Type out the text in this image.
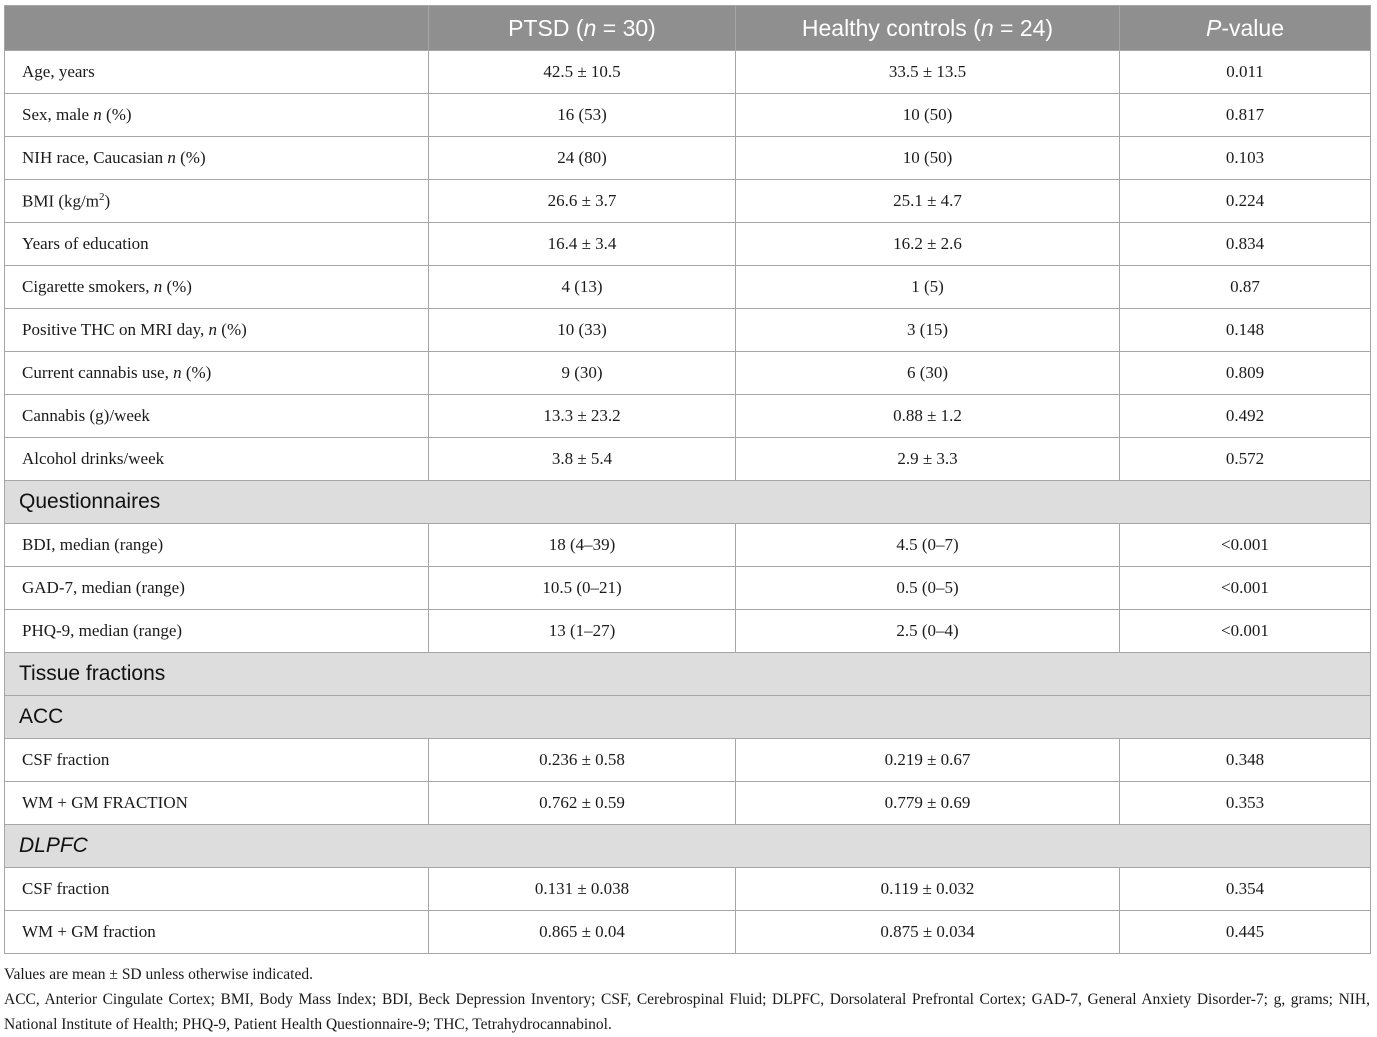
	PTSD (n = 30)	Healthy controls (n = 24)	P-value
Age, years	42.5 ± 10.5	33.5 ± 13.5	0.011
Sex, male n (%)	16 (53)	10 (50)	0.817
NIH race, Caucasian n (%)	24 (80)	10 (50)	0.103
BMI $(kg/m^2)$	26.6 ± 3.7	25.1 ± 4.7	0.224
Years of education	16.4 ± 3.4	16.2 ± 2.6	0.834
Cigarette smokers, n (%)	4 (13)	1 (5)	0.87
Positive THC on MRI day, n (%)	10 (33)	3 (15)	0.148
Current cannabis use, n (%)	9 (30)	6 (30)	0.809
Cannabis (g)/week	13.3 ± 23.2	0.88 ± 1.2	0.492
Alcohol drinks/week	3.8 ± 5.4	2.9 ± 3.3	0.572
Questionnaires			
BDI, median (range)	18 (4–39)	4.5 (0–7)	<0.001
GAD-7, median (range)	10.5 (0–21)	0.5 (0–5)	<0.001
PHQ-9, median (range)	13 (1–27)	2.5 (0–4)	<0.001
Tissue fractions			
ACC			
CSF fraction	0.236 ± 0.58	0.219 ± 0.67	0.348
WM + GM FRACTION	0.762 ± 0.59	0.779 ± 0.69	0.353
DLPFC			
CSF fraction	0.131 ± 0.038	0.119 ± 0.032	0.354
WM + GM fraction	0.865 ± 0.04	0.875 ± 0.034	0.445

Values are mean ± SD unless otherwise indicated.

ACC, Anterior Cingulate Cortex; BMI, Body Mass Index; BDI, Beck Depression Inventory; CSF, Cerebrospinal Fluid; DLPFC, Dorsolateral Prefrontal Cortex; GAD-7, General Anxiety Disorder-7; g, grams; NIH, National Institute of Health; PHQ-9, Patient Health Questionnaire-9; THC, Tetrahydrocannabinol.
